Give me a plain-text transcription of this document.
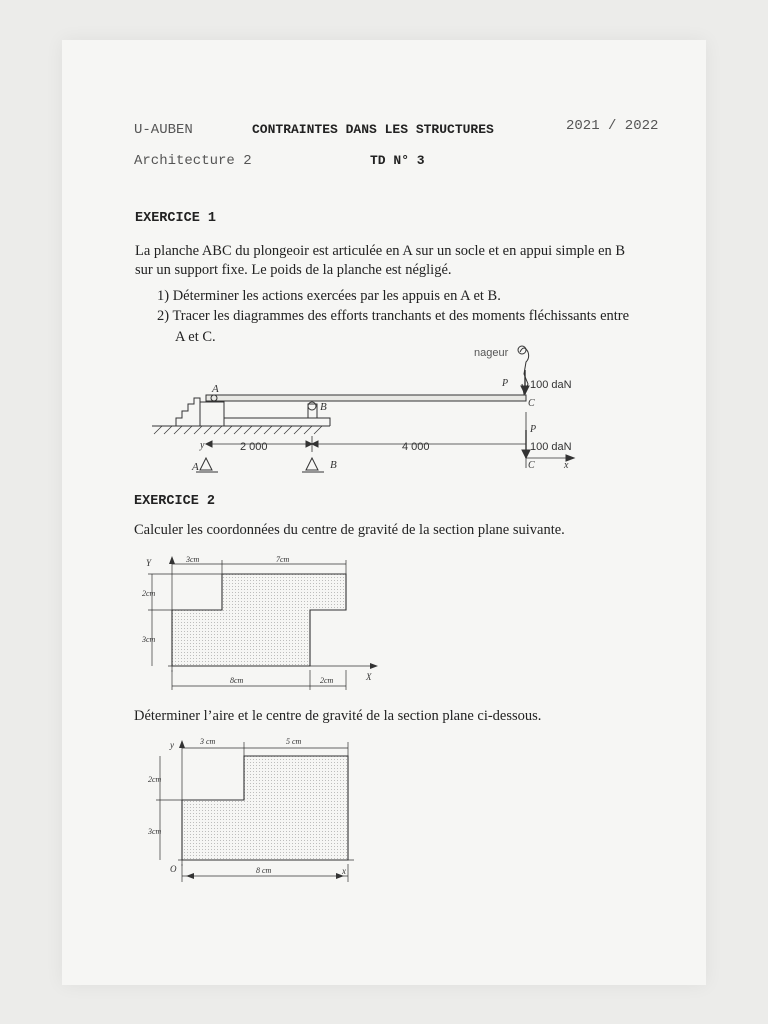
U-AUBEN	CONTRAINTES DANS LES STRUCTURES	2021 / 2022
Architecture 2	TD N° 3
EXERCICE 1
La planche ABC du plongeoir est articulée en A sur un socle et en appui simple en B
sur un support fixe. Le poids de la planche est négligé.
1) Déterminer les actions exercées par les appuis en A et B.
2) Tracer les diagrammes des efforts tranchants et des moments fléchissants entre
A et C.
nageur
P 100 daN
A
B	C
P
y	2 000	4 000	100 daN
A	B	C	x
EXERCICE 2
Calculer les coordonnées du centre de gravité de la section plane suivante.
Y
X
3cm	7cm
2cm
3cm
8cm	2cm
Déterminer l’aire et le centre de gravité de la section plane ci-dessous.
y
O	x
3 cm	5 cm
2cm
3cm
8 cm
